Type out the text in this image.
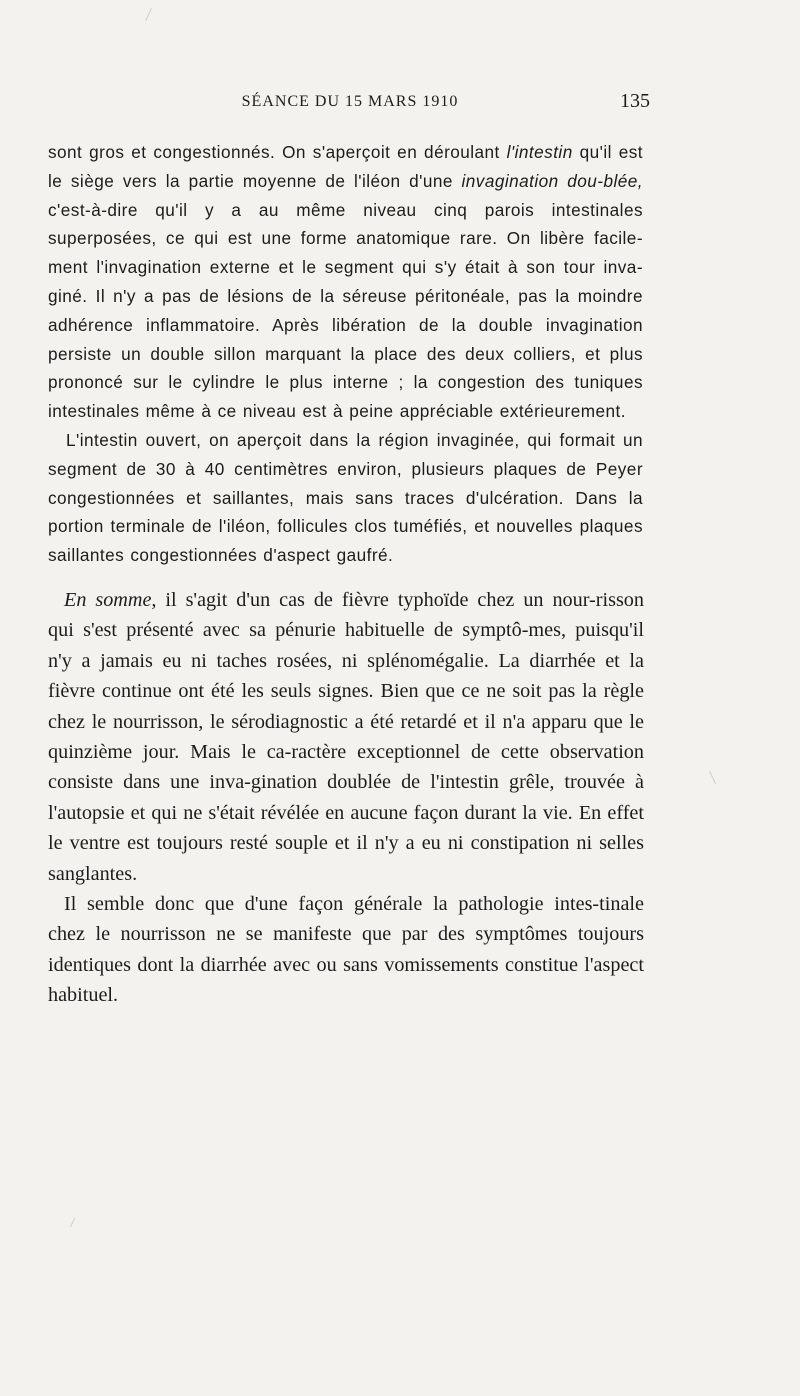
SÉANCE DU 15 MARS 1910	135

sont gros et congestionnés. On s'aperçoit en déroulant l'intestin qu'il est le siège vers la partie moyenne de l'iléon d'une invagination dou-blée, c'est-à-dire qu'il y a au même niveau cinq parois intestinales superposées, ce qui est une forme anatomique rare. On libère facile-ment l'invagination externe et le segment qui s'y était à son tour inva-giné. Il n'y a pas de lésions de la séreuse péritonéale, pas la moindre adhérence inflammatoire. Après libération de la double invagination persiste un double sillon marquant la place des deux colliers, et plus prononcé sur le cylindre le plus interne ; la congestion des tuniques intestinales même à ce niveau est à peine appréciable extérieurement.

L'intestin ouvert, on aperçoit dans la région invaginée, qui formait un segment de 30 à 40 centimètres environ, plusieurs plaques de Peyer congestionnées et saillantes, mais sans traces d'ulcération. Dans la portion terminale de l'iléon, follicules clos tuméfiés, et nouvelles plaques saillantes congestionnées d'aspect gaufré.

En somme, il s'agit d'un cas de fièvre typhoïde chez un nour-risson qui s'est présenté avec sa pénurie habituelle de symptô-mes, puisqu'il n'y a jamais eu ni taches rosées, ni splénomégalie. La diarrhée et la fièvre continue ont été les seuls signes. Bien que ce ne soit pas la règle chez le nourrisson, le sérodiagnostic a été retardé et il n'a apparu que le quinzième jour. Mais le ca-ractère exceptionnel de cette observation consiste dans une inva-gination doublée de l'intestin grêle, trouvée à l'autopsie et qui ne s'était révélée en aucune façon durant la vie. En effet le ventre est toujours resté souple et il n'y a eu ni constipation ni selles sanglantes.

Il semble donc que d'une façon générale la pathologie intes-tinale chez le nourrisson ne se manifeste que par des symptômes toujours identiques dont la diarrhée avec ou sans vomissements constitue l'aspect habituel.
